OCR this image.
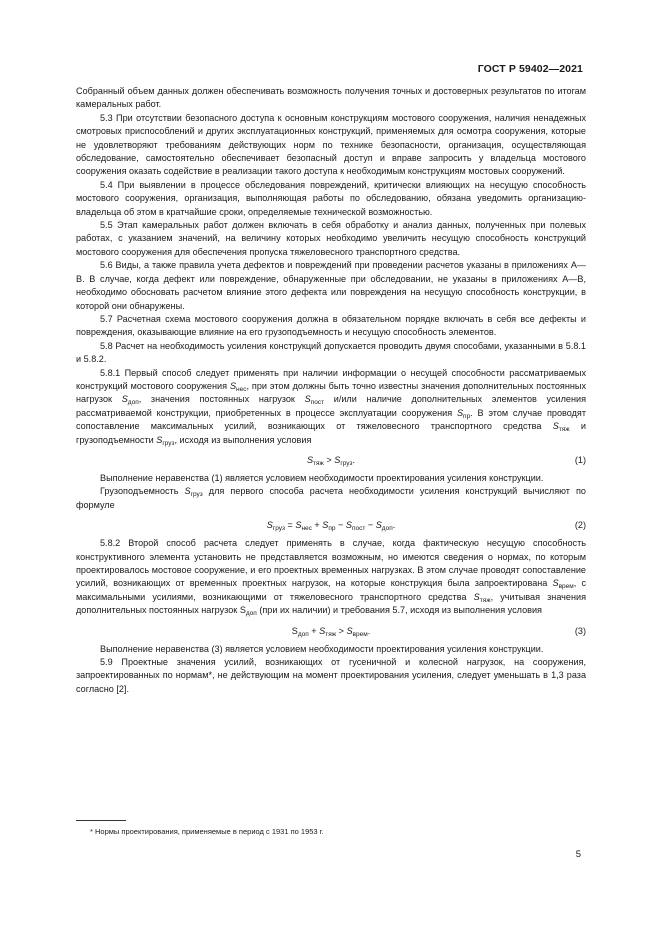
ГОСТ Р 59402—2021

Собранный объем данных должен обеспечивать возможность получения точных и достоверных результатов по итогам камеральных работ.

5.3 При отсутствии безопасного доступа к основным конструкциям мостового сооружения, наличия ненадежных смотровых приспособлений и других эксплуатационных конструкций, применяемых для осмотра сооружения, которые не удовлетворяют требованиям действующих норм по технике безопасности, организация, осуществляющая обследование, самостоятельно обеспечивает безопасный доступ и вправе запросить у владельца мостового сооружения оказать содействие в реализации такого доступа к необходимым конструкциям мостовых сооружений.

5.4 При выявлении в процессе обследования повреждений, критически влияющих на несущую способность мостового сооружения, организация, выполняющая работы по обследованию, обязана уведомить организацию-владельца об этом в кратчайшие сроки, определяемые технической возможностью.

5.5 Этап камеральных работ должен включать в себя обработку и анализ данных, полученных при полевых работах, с указанием значений, на величину которых необходимо увеличить несущую способность конструкций мостового сооружения для обеспечения пропуска тяжеловесного транспортного средства.

5.6 Виды, а также правила учета дефектов и повреждений при проведении расчетов указаны в приложениях А—В. В случае, когда дефект или повреждение, обнаруженные при обследовании, не указаны в приложениях А—В, необходимо обосновать расчетом влияние этого дефекта или повреждения на несущую способность конструкции, в которой они обнаружены.

5.7 Расчетная схема мостового сооружения должна в обязательном порядке включать в себя все дефекты и повреждения, оказывающие влияние на его грузоподъемность и несущую способность элементов.

5.8 Расчет на необходимость усиления конструкций допускается проводить двумя способами, указанными в 5.8.1 и 5.8.2.

5.8.1 Первый способ следует применять при наличии информации о несущей способности рассматриваемых конструкций мостового сооружения $S_{нес}$, при этом должны быть точно известны значения дополнительных постоянных нагрузок $S_{доп}$, значения постоянных нагрузок $S_{пост}$ и/или наличие дополнительных элементов усиления рассматриваемой конструкции, приобретенных в процессе эксплуатации сооружения $S_{пр}$. В этом случае проводят сопоставление максимальных усилий, возникающих от тяжеловесного транспортного средства $S_{тяж}$ и грузоподъемности $S_{груз}$, исходя из выполнения условия

$S_{тяж} > S_{груз}$.	(1)

Выполнение неравенства (1) является условием необходимости проектирования усиления конструкции.

Грузоподъемность $S_{груз}$ для первого способа расчета необходимости усиления конструкций вычисляют по формуле

$S_{груз} = S_{нес} + S_{пр} - S_{пост} - S_{доп}$.	(2)

5.8.2 Второй способ расчета следует применять в случае, когда фактическую несущую способность конструктивного элемента установить не представляется возможным, но имеются сведения о нормах, по которым проектировалось мостовое сооружение, и его проектных временных нагрузках. В этом случае проводят сопоставление усилий, возникающих от временных проектных нагрузок, на которые конструкция была запроектирована $S_{врем}$, с максимальными усилиями, возникающими от тяжеловесного транспортного средства $S_{тяж}$, учитывая значения дополнительных постоянных нагрузок $S_{доп}$ (при их наличии) и требования 5.7, исходя из выполнения условия

$S_{доп} + S_{тяж} > S_{врем}$.	(3)

Выполнение неравенства (3) является условием необходимости проектирования усиления конструкции.

5.9 Проектные значения усилий, возникающих от гусеничной и колесной нагрузок, на сооружения, запроектированных по нормам*, не действующим на момент проектирования усиления, следует уменьшать в 1,3 раза согласно [2].

* Нормы проектирования, применяемые в период с 1931 по 1953 г.
5
